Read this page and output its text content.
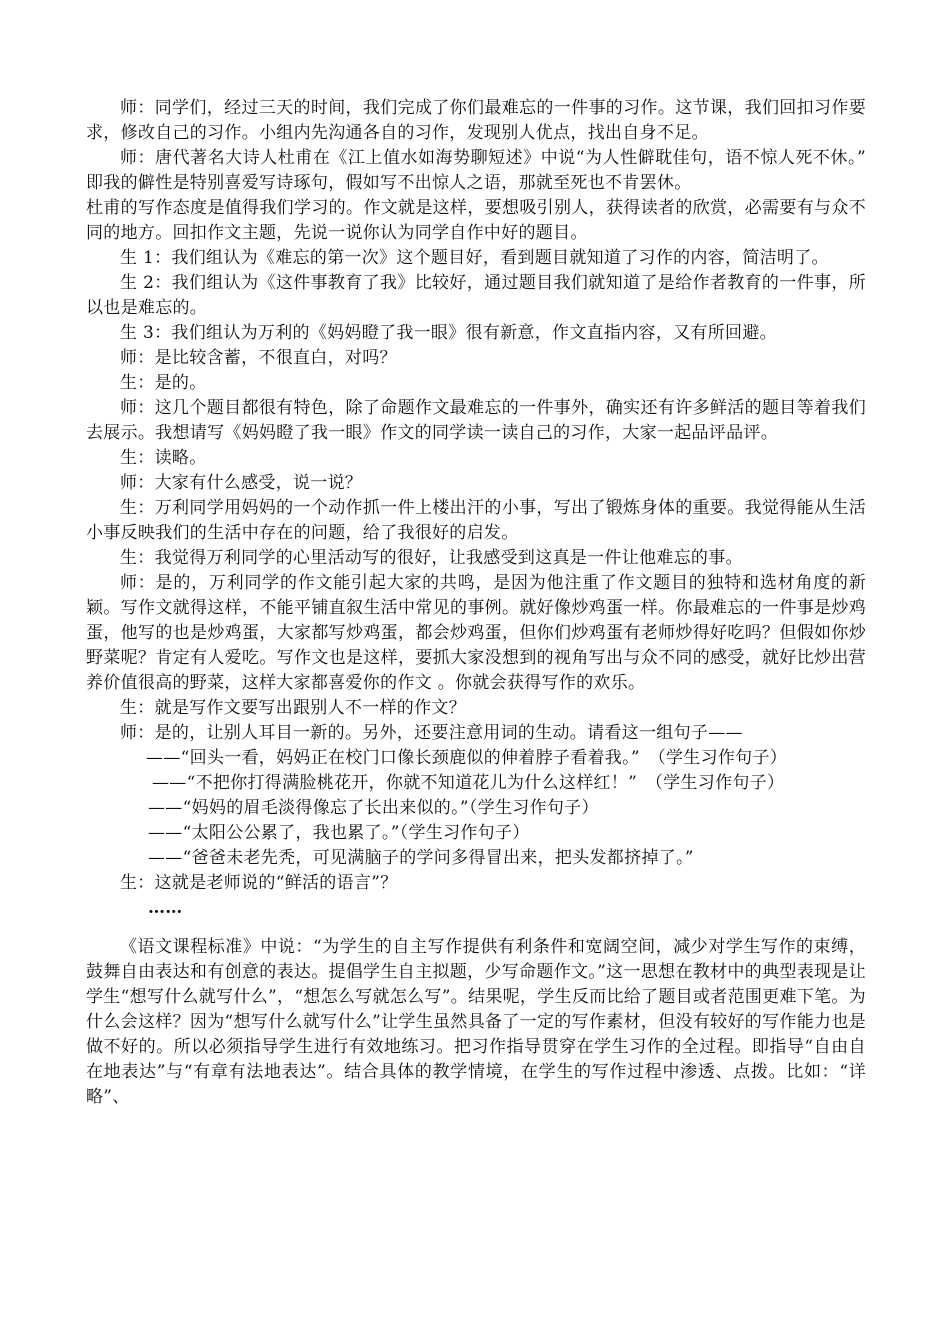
师：同学们，经过三天的时间，我们完成了你们最难忘的一件事的习作。这节课，我们回扣习作要求，修改自己的习作。小组内先沟通各自的习作，发现别人优点，找出自身不足。

师：唐代著名大诗人杜甫在《江上值水如海势聊短述》中说“为人性僻耽佳句，语不惊人死不休。” 即我的僻性是特别喜爱写诗琢句，假如写不出惊人之语，那就至死也不肯罢休。

杜甫的写作态度是值得我们学习的。作文就是这样，要想吸引别人，获得读者的欣赏，必需要有与众不同的地方。回扣作文主题，先说一说你认为同学自作中好的题目。

生 1：我们组认为《难忘的第一次》这个题目好，看到题目就知道了习作的内容，简洁明了。

生 2：我们组认为《这件事教育了我》比较好，通过题目我们就知道了是给作者教育的一件事，所以也是难忘的。

生 3：我们组认为万利的《妈妈瞪了我一眼》很有新意，作文直指内容，又有所回避。

师：是比较含蓄，不很直白，对吗？

生：是的。

师：这几个题目都很有特色，除了命题作文最难忘的一件事外，确实还有许多鲜活的题目等着我们去展示。我想请写《妈妈瞪了我一眼》作文的同学读一读自己的习作，大家一起品评品评。

生：读略。

师：大家有什么感受，说一说？

生：万利同学用妈妈的一个动作抓一件上楼出汗的小事，写出了锻炼身体的重要。我觉得能从生活小事反映我们的生活中存在的问题，给了我很好的启发。

生：我觉得万利同学的心里活动写的很好，让我感受到这真是一件让他难忘的事。

师：是的，万利同学的作文能引起大家的共鸣，是因为他注重了作文题目的独特和选材角度的新颖。写作文就得这样，不能平铺直叙生活中常见的事例。就好像炒鸡蛋一样。你最难忘的一件事是炒鸡蛋，他写的也是炒鸡蛋，大家都写炒鸡蛋，都会炒鸡蛋，但你们炒鸡蛋有老师炒得好吃吗？但假如你炒野菜呢？肯定有人爱吃。写作文也是这样，要抓大家没想到的视角写出与众不同的感受，就好比炒出营养价值很高的野菜，这样大家都喜爱你的作文 。你就会获得写作的欢乐。

生：就是写作文要写出跟别人不一样的作文？

师：是的，让别人耳目一新的。另外，还要注意用词的生动。请看这一组句子——

——“回头一看，妈妈正在校门口像长颈鹿似的伸着脖子看着我。”　（学生习作句子）

——“不把你打得满脸桃花开，你就不知道花儿为什么这样红！”　（学生习作句子）

——“妈妈的眉毛淡得像忘了长出来似的。”（学生习作句子）

——“太阳公公累了，我也累了。”（学生习作句子）

——“爸爸未老先秃，可见满脑子的学问多得冒出来，把头发都挤掉了。”

生：这就是老师说的“鲜活的语言”？

……

《语文课程标准》中说：“为学生的自主写作提供有利条件和宽阔空间，减少对学生写作的束缚，鼓舞自由表达和有创意的表达。提倡学生自主拟题，少写命题作文。”这一思想在教材中的典型表现是让学生“想写什么就写什么”，“想怎么写就怎么写”。结果呢，学生反而比给了题目或者范围更难下笔。为什么会这样？因为“想写什么就写什么”让学生虽然具备了一定的写作素材，但没有较好的写作能力也是做不好的。所以必须指导学生进行有效地练习。把习作指导贯穿在学生习作的全过程。即指导“自由自在地表达”与“有章有法地表达”。结合具体的教学情境，在学生的写作过程中渗透、点拨。比如：“详略”、
